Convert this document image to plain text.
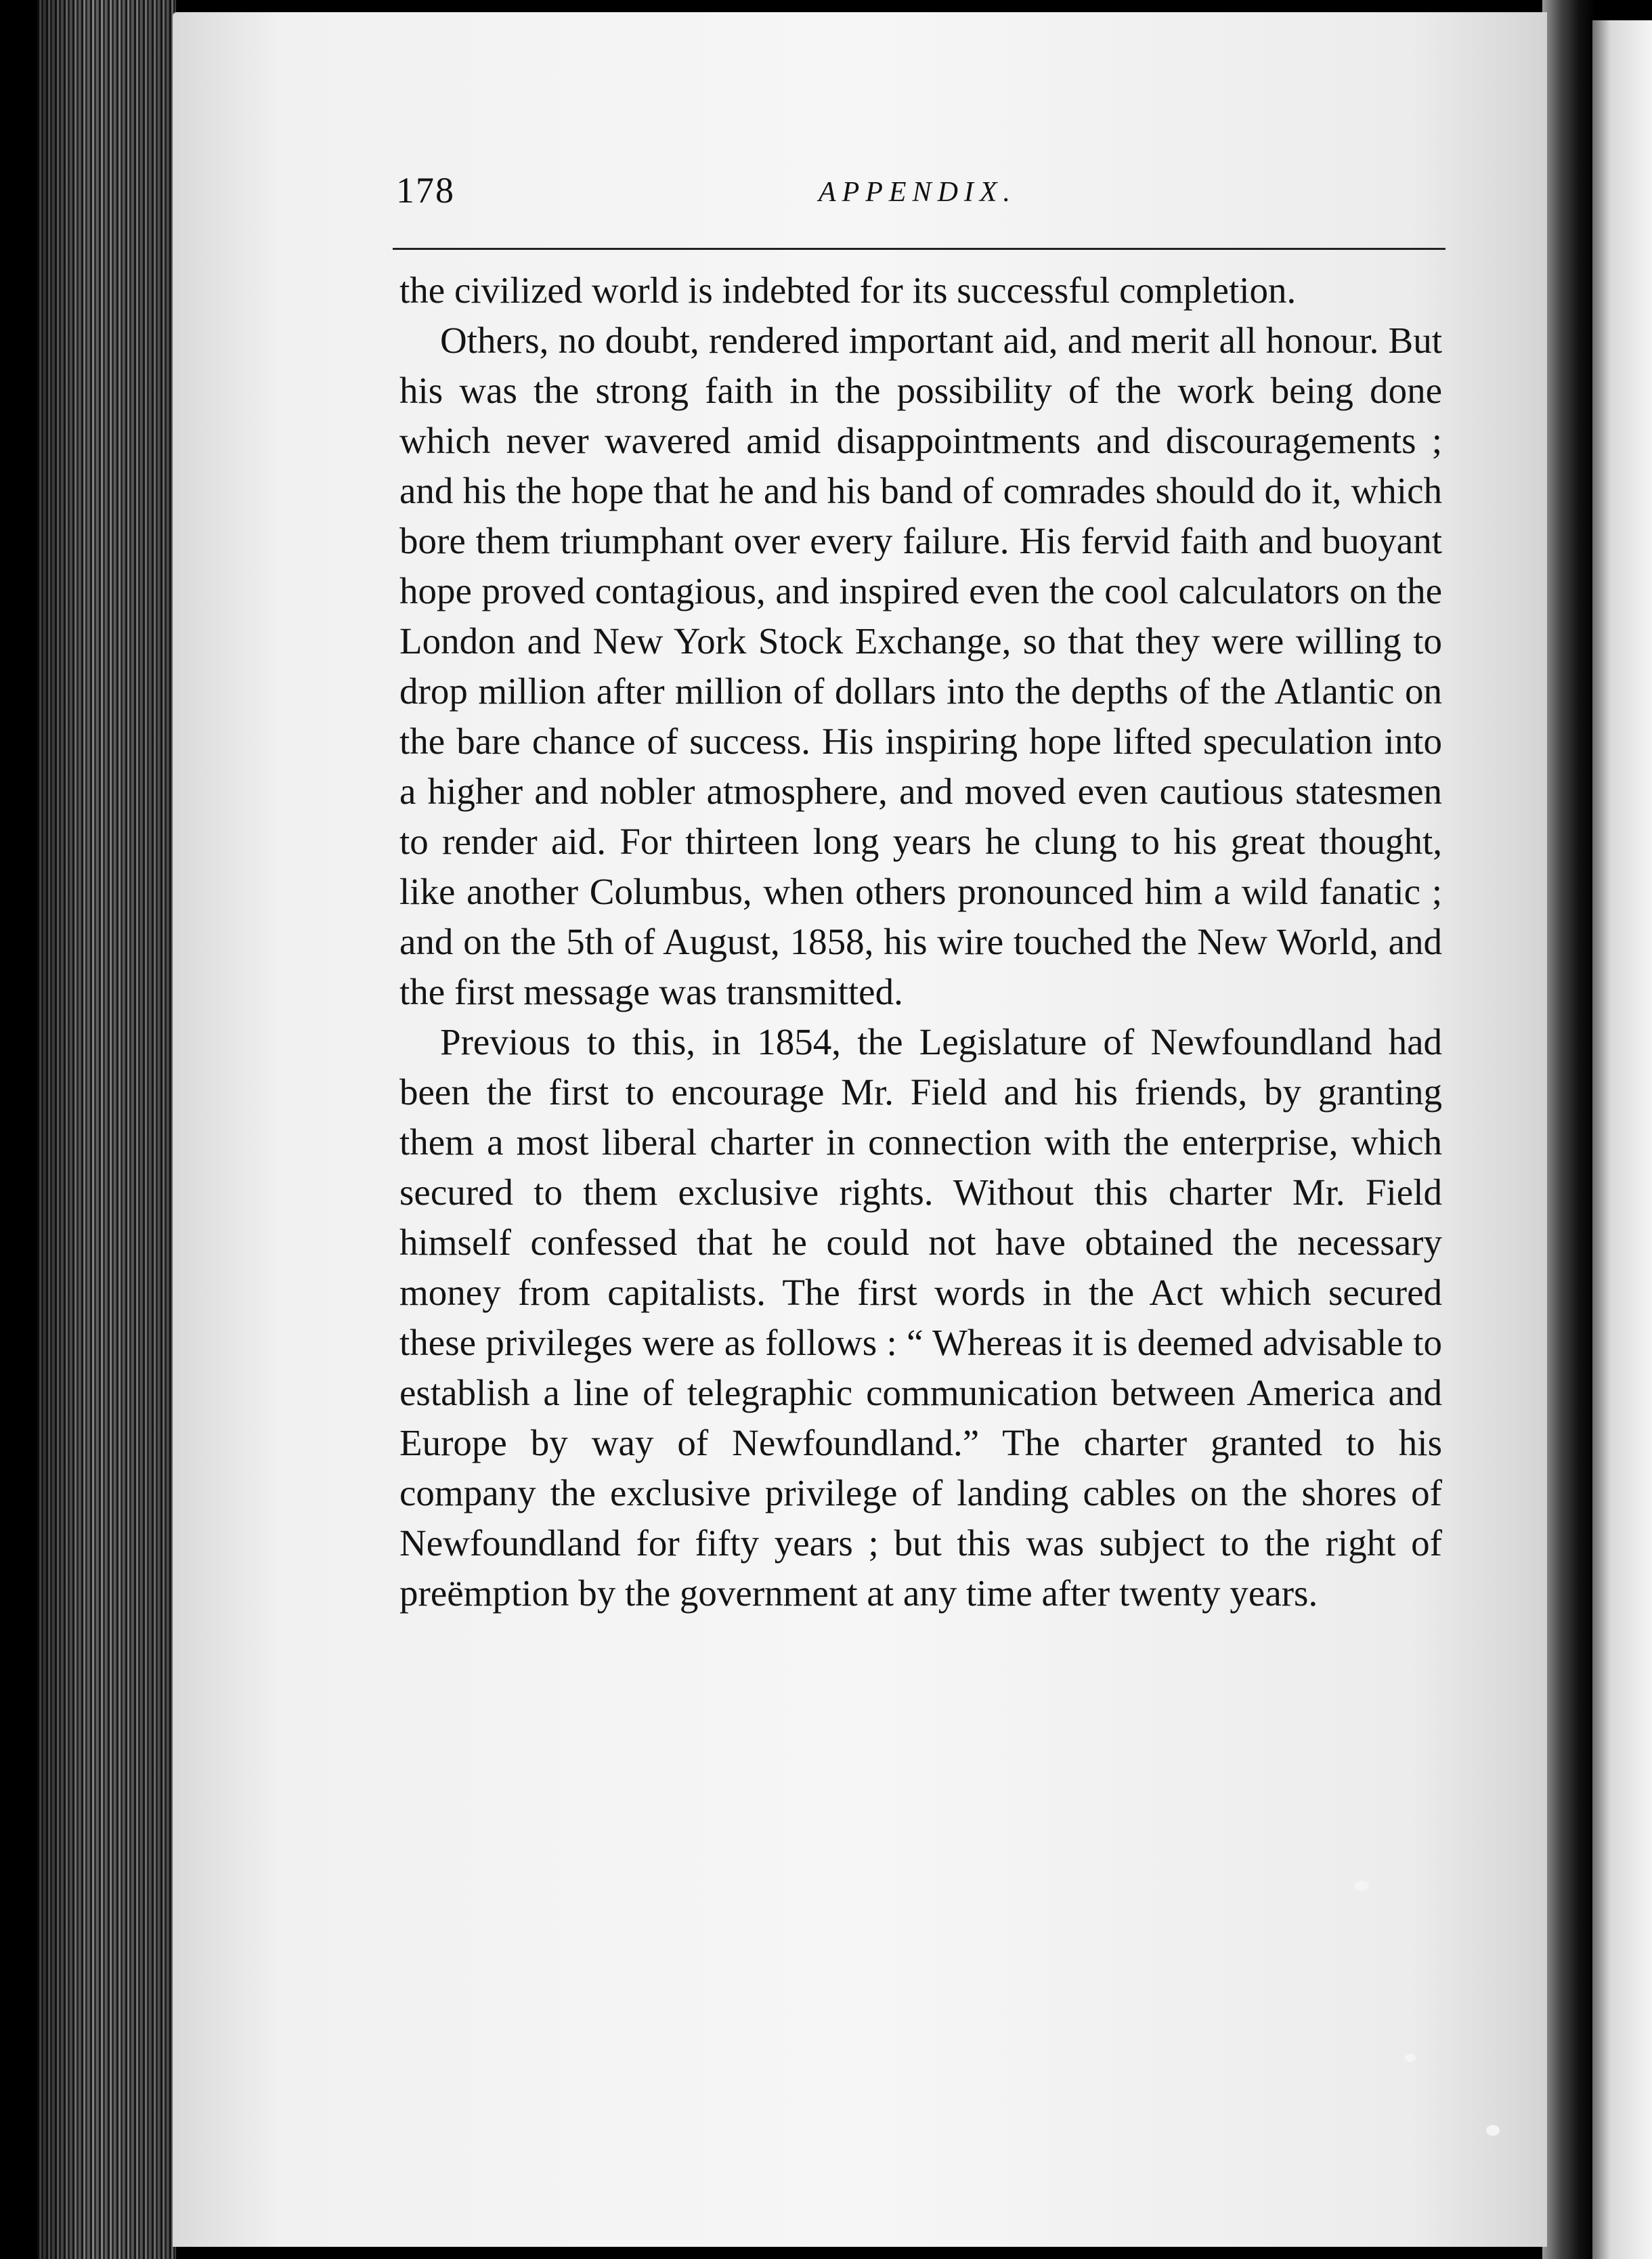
178	APPENDIX.

the civilized world is indebted for its successful completion.

Others, no doubt, rendered important aid, and merit all honour. But his was the strong faith in the possibility of the work being done which never wavered amid disappointments and discouragements ; and his the hope that he and his band of comrades should do it, which bore them triumphant over every failure. His fervid faith and buoyant hope proved contagious, and inspired even the cool calculators on the London and New York Stock Exchange, so that they were willing to drop million after million of dollars into the depths of the Atlantic on the bare chance of success. His inspiring hope lifted speculation into a higher and nobler atmosphere, and moved even cautious statesmen to render aid. For thirteen long years he clung to his great thought, like another Columbus, when others pronounced him a wild fanatic ; and on the 5th of August, 1858, his wire touched the New World, and the first message was transmitted.

Previous to this, in 1854, the Legislature of Newfoundland had been the first to encourage Mr. Field and his friends, by granting them a most liberal charter in connection with the enterprise, which secured to them exclusive rights. Without this charter Mr. Field himself confessed that he could not have obtained the necessary money from capitalists. The first words in the Act which secured these privileges were as follows : “ Whereas it is deemed advisable to establish a line of telegraphic communication between America and Europe by way of Newfoundland.” The charter granted to his company the exclusive privilege of landing cables on the shores of Newfoundland for fifty years ; but this was subject to the right of preëmption by the government at any time after twenty years.
